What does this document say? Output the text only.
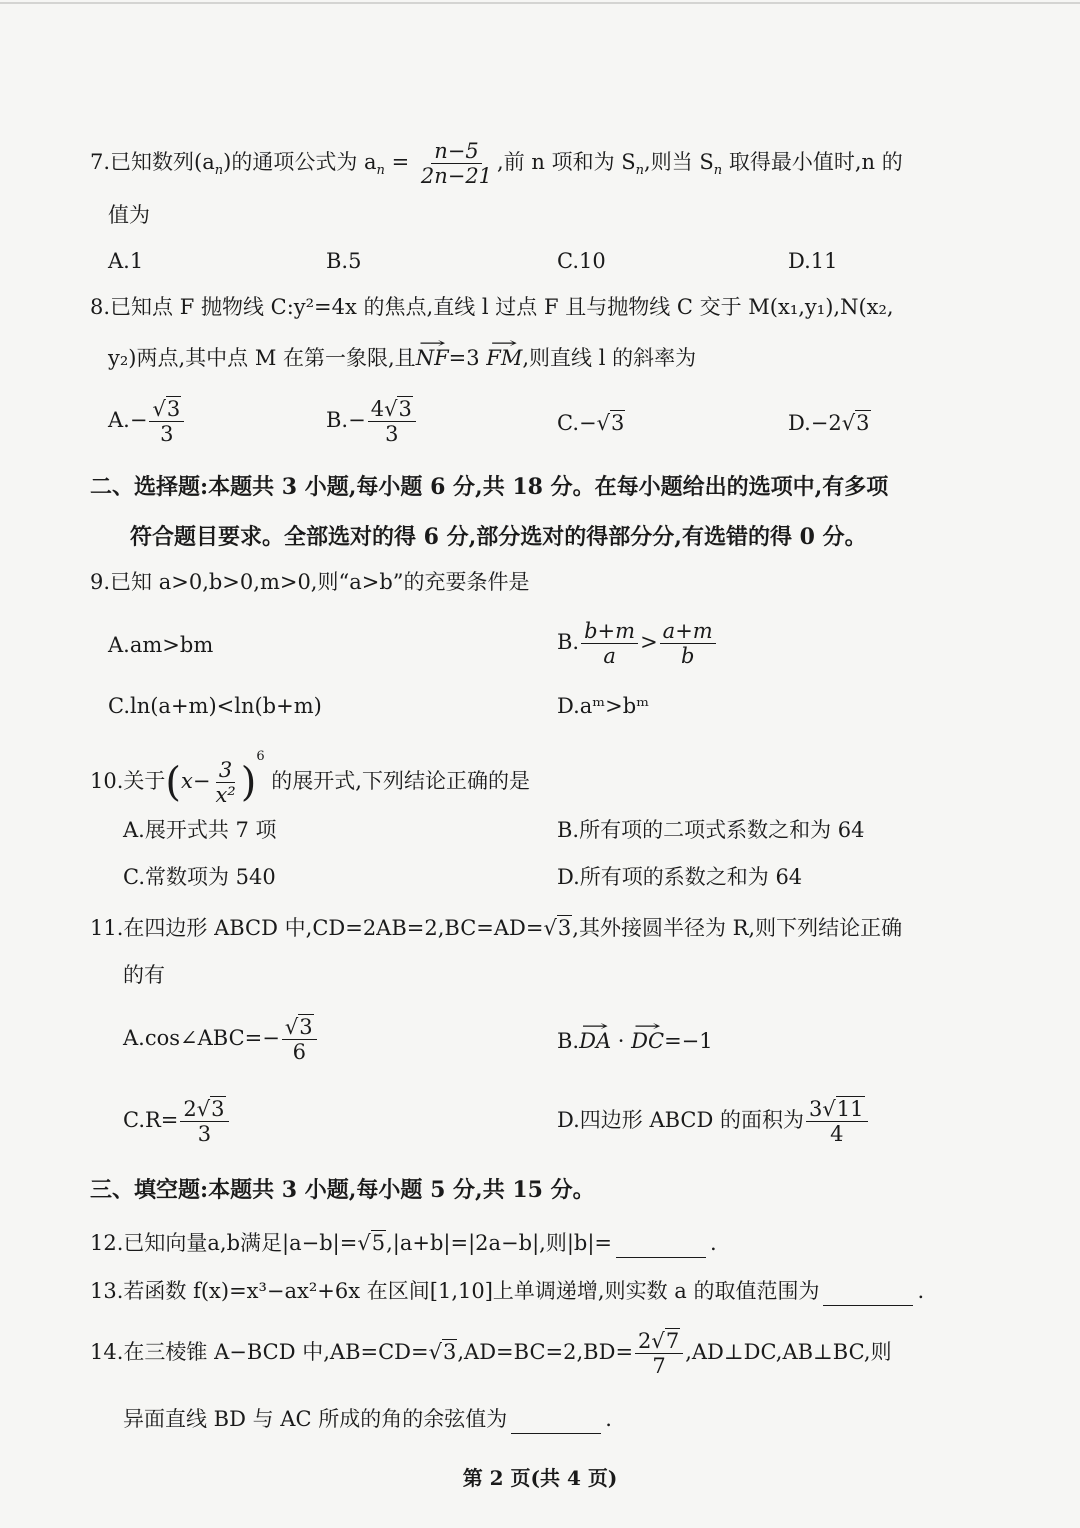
7.已知数列$(a_n)$的通项公式为 $a_n = \frac{n-5}{2n-21}$ ,前 n 项和为 $S_n$,则当 $S_n$ 取得最小值时,n 的
值为
A.1	B.5	C.10	D.11
8.已知点 F 抛物线 C:y²=4x 的焦点,直线 l 过点 F 且与抛物线 C 交于 M(x₁,y₁),N(x₂,
y₂)两点,其中点 M 在第一象限,且→ NF=3 → FM,则直线 l 的斜率为
$A.- \frac{√3}{3}$	$B.- \frac{4√3}{3}$	C.−√3	D.−2√3
二、选择题:本题共 3 小题,每小题 6 分,共 18 分。在每小题给出的选项中,有多项
符合题目要求。全部选对的得 6 分,部分选对的得部分分,有选错的得 0 分。
9.已知 a>0,b>0,m>0,则“a>b”的充要条件是
A.am>bm	B. $\frac{b+m}{a} > \frac{a+m}{b}$
C.ln(a+m)<ln(b+m)	D.aᵐ>bᵐ
10.关于$(x- \frac{3}{\text{x²}} )^6$ 的展开式,下列结论正确的是
A.展开式共 7 项	B.所有项的二项式系数之和为 64
C.常数项为 540	D.所有项的系数之和为 64
11.在四边形 ABCD 中,CD=2AB=2,BC=AD=√3,其外接圆半径为 R,则下列结论正确
的有
A.cos∠ABC=− $\frac{√3}{6}$	B.→ DA · → DC=−1
$C.R= \frac{2√3}{3}$	D.四边形 ABCD 的面积为 $\frac{3√11}{4}$
三、填空题:本题共 3 小题,每小题 5 分,共 15 分。
12.已知向量a,b满足|a−b|=√5,|a+b|=|2a−b|,则|b|=	.
13.若函数 f(x)=x³−ax²+6x 在区间[1,10]上单调递增,则实数 a 的取值范围为	.
14.在三棱锥 A−BCD 中$,AB=CD=√3,AD=BC=2,BD= \frac{2√7}{7}$ ,AD⊥DC,AB⊥BC,则
异面直线 BD 与 AC 所成的角的余弦值为	.
第 2 页(共 4 页)
